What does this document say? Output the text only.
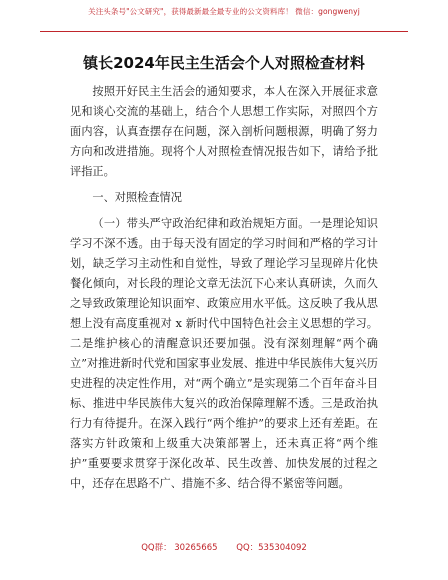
关注头条号"公文研究"，获得最新最全最专业的公文资料库！ 微信：gongwenyj
镇长2024年民主生活会个人对照检查材料

按照开好民主生活会的通知要求，本人在深入开展征求意见和谈心交流的基础上，结合个人思想工作实际，对照四个方面内容，认真查摆存在问题，深入剖析问题根源，明确了努力方向和改进措施。现将个人对照检查情况报告如下，请给予批评指正。

一、对照检查情况

（一）带头严守政治纪律和政治规矩方面。一是理论知识学习不深不透。由于每天没有固定的学习时间和严格的学习计划，缺乏学习主动性和自觉性，导致了理论学习呈现碎片化快餐化倾向，对长段的理论文章无法沉下心来认真研读，久而久之导致政策理论知识面窄、政策应用水平低。这反映了我从思想上没有高度重视对 x 新时代中国特色社会主义思想的学习。二是维护核心的清醒意识还要加强。没有深刻理解“两个确立”对推进新时代党和国家事业发展、推进中华民族伟大复兴历史进程的决定性作用，对“两个确立”是实现第二个百年奋斗目标、推进中华民族伟大复兴的政治保障理解不透。三是政治执行力有待提升。在深入践行“两个维护”的要求上还有差距。在落实方针政策和上级重大决策部署上，还未真正将“两个维护”重要要求贯穿于深化改革、民生改善、加快发展的过程之中，还存在思路不广、措施不多、结合得不紧密等问题。

QQ群： 30265665 QQ：535304092
